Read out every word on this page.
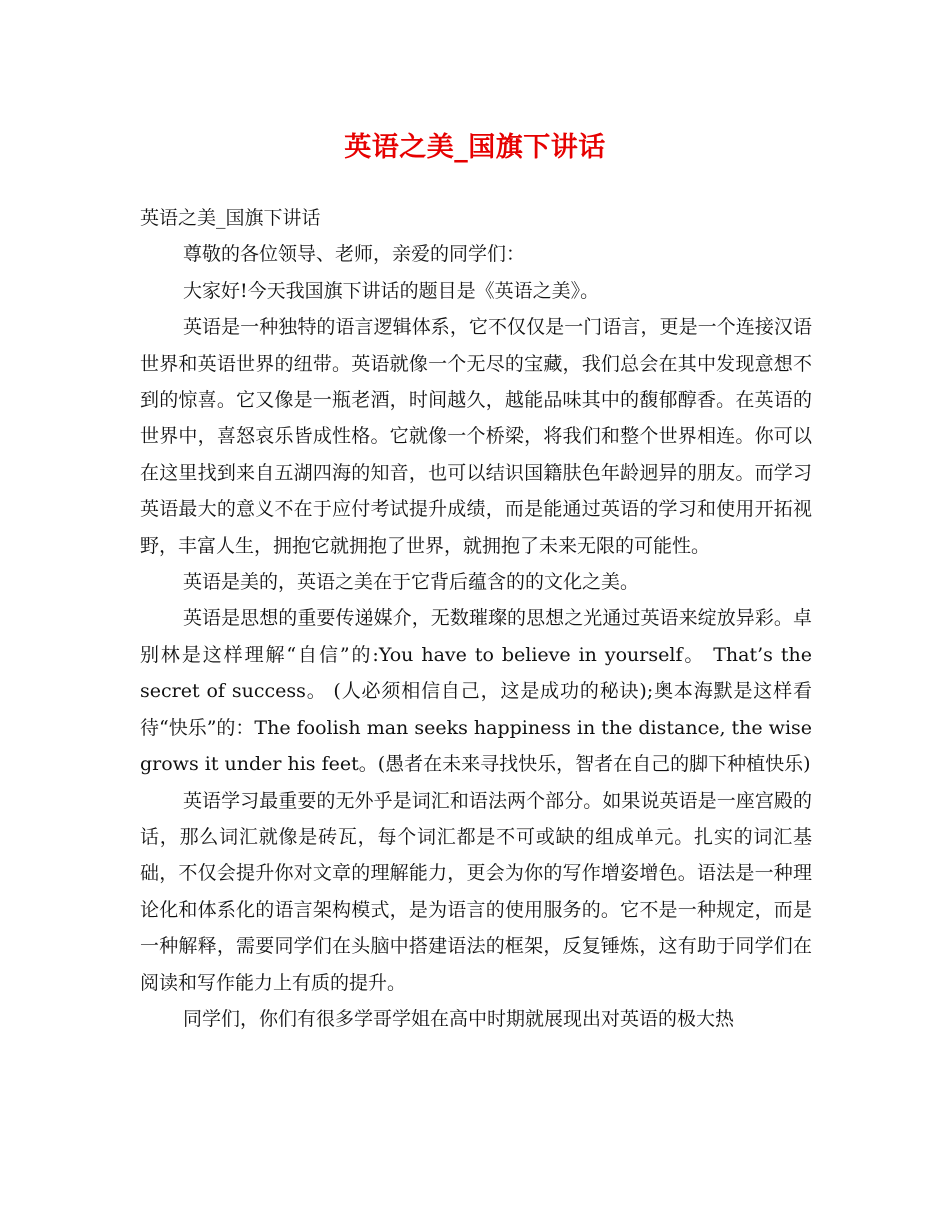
英语之美_国旗下讲话

英语之美_国旗下讲话

尊敬的各位领导、老师，亲爱的同学们：

大家好!今天我国旗下讲话的题目是《英语之美》。

英语是一种独特的语言逻辑体系，它不仅仅是一门语言，更是一个连接汉语世界和英语世界的纽带。英语就像一个无尽的宝藏，我们总会在其中发现意想不到的惊喜。它又像是一瓶老酒，时间越久，越能品味其中的馥郁醇香。在英语的世界中，喜怒哀乐皆成性格。它就像一个桥梁，将我们和整个世界相连。你可以在这里找到来自五湖四海的知音，也可以结识国籍肤色年龄迥异的朋友。而学习英语最大的意义不在于应付考试提升成绩，而是能通过英语的学习和使用开拓视野，丰富人生，拥抱它就拥抱了世界，就拥抱了未来无限的可能性。

英语是美的，英语之美在于它背后蕴含的的文化之美。

英语是思想的重要传递媒介，无数璀璨的思想之光通过英语来绽放异彩。卓别林是这样理解“自信”的:You have to believe in yourself。 That’s the secret of success。 (人必须相信自己，这是成功的秘诀);奥本海默是这样看待“快乐”的：The foolish man seeks happiness in the distance, the wise grows it under his feet。(愚者在未来寻找快乐，智者在自己的脚下种植快乐)

英语学习最重要的无外乎是词汇和语法两个部分。如果说英语是一座宫殿的话，那么词汇就像是砖瓦，每个词汇都是不可或缺的组成单元。扎实的词汇基础，不仅会提升你对文章的理解能力，更会为你的写作增姿增色。语法是一种理论化和体系化的语言架构模式，是为语言的使用服务的。它不是一种规定，而是一种解释，需要同学们在头脑中搭建语法的框架，反复锤炼，这有助于同学们在阅读和写作能力上有质的提升。

同学们，你们有很多学哥学姐在高中时期就展现出对英语的极大热
